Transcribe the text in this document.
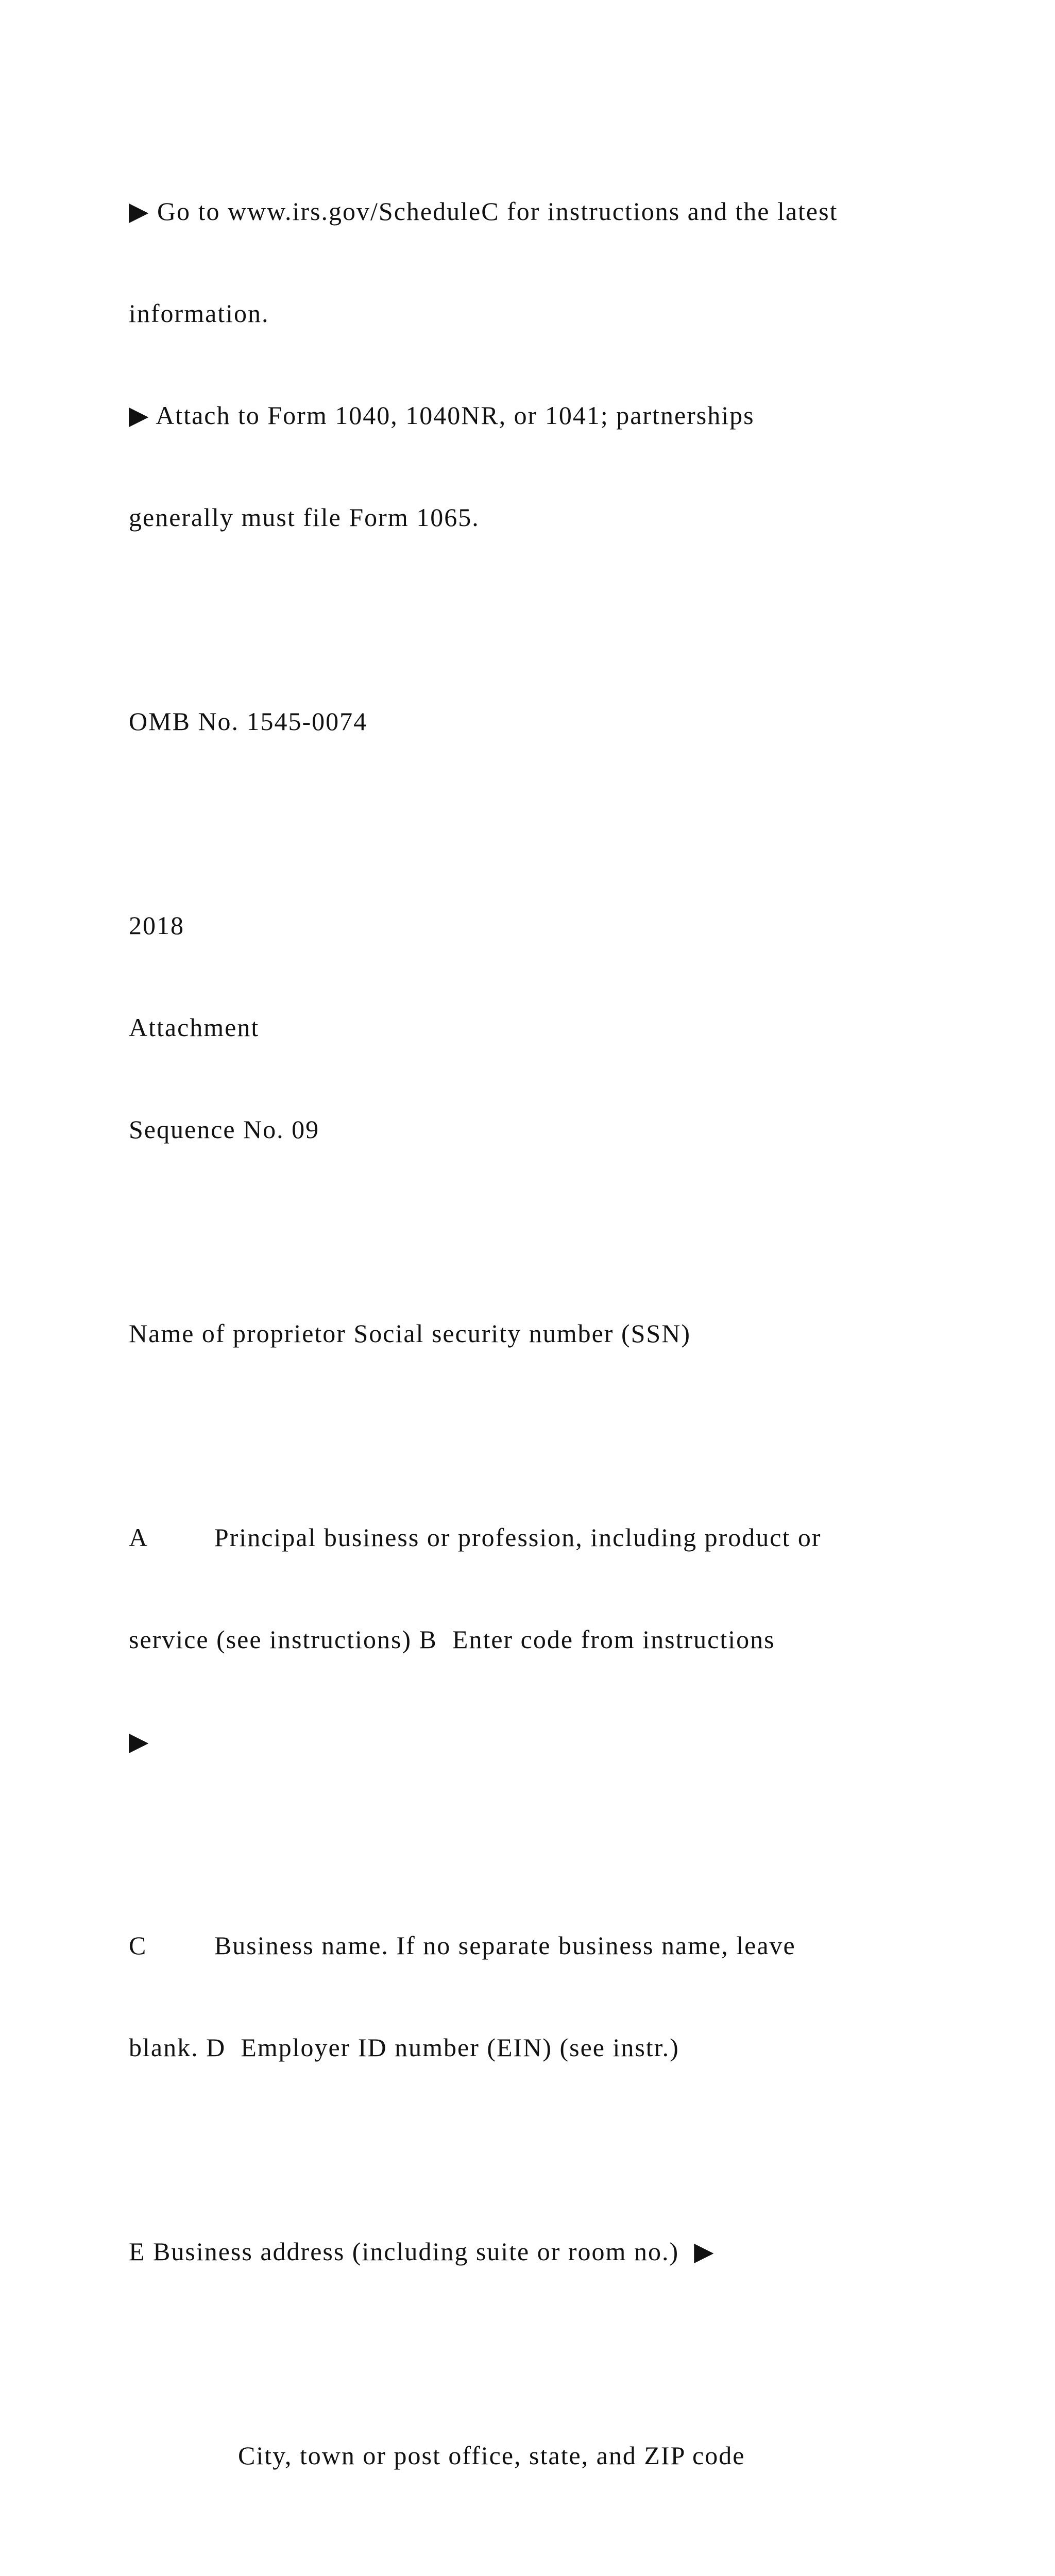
▶ Go to www.irs.gov/ScheduleC for instructions and the latest

information.

▶ Attach to Form 1040, 1040NR, or 1041; partnerships

generally must file Form 1065.

OMB No. 1545-0074

2018

Attachment

Sequence No. 09

Name of proprietor Social security number (SSN)

A         Principal business or profession, including product or

service (see instructions) B  Enter code from instructions

▶

C         Business name. If no separate business name, leave

blank. D  Employer ID number (EIN) (see instr.)

E Business address (including suite or room no.)  ▶

City, town or post office, state, and ZIP code
